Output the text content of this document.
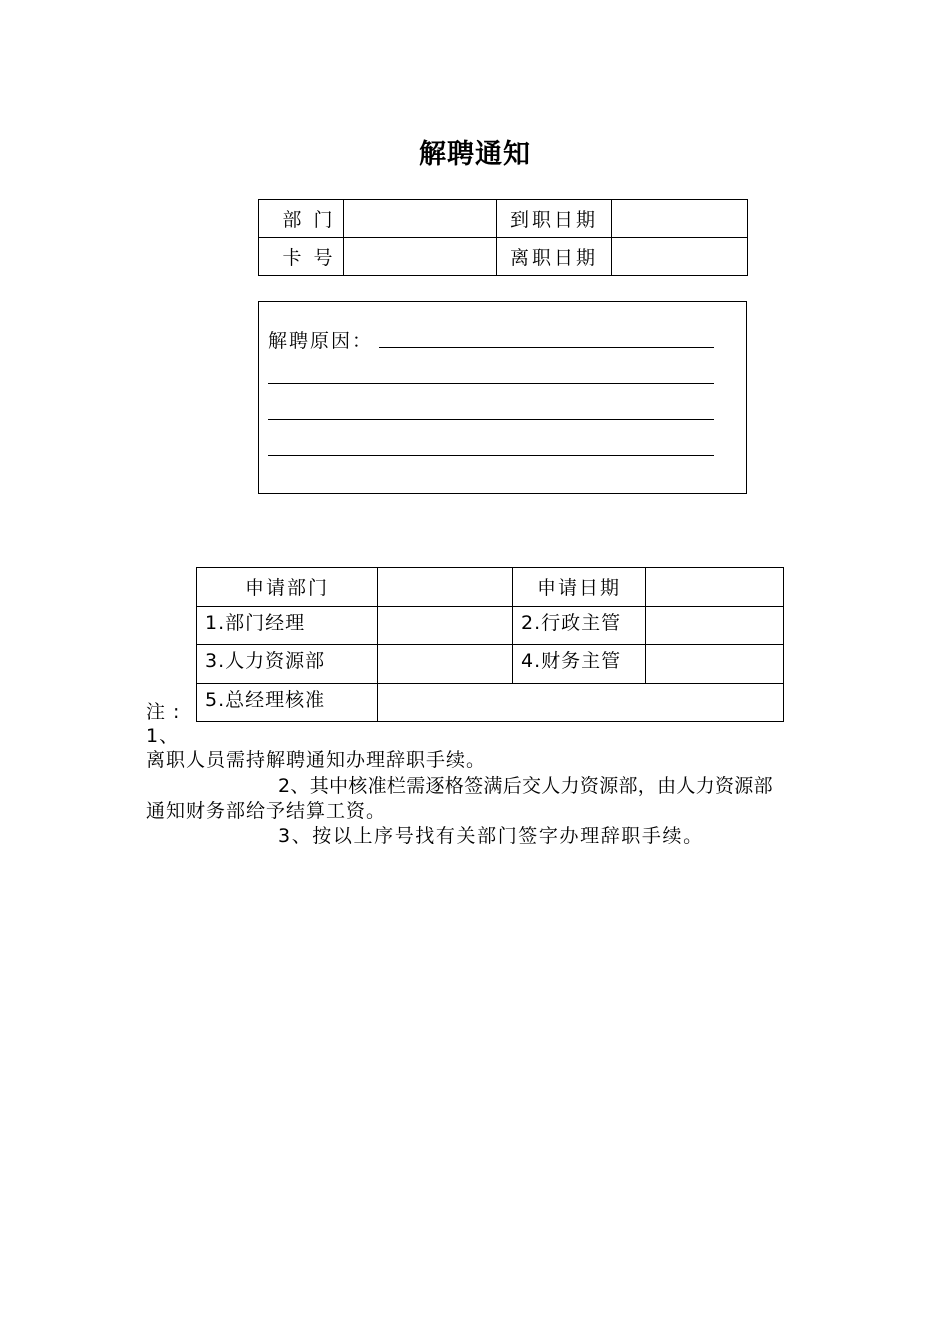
解聘通知
部 门		到职日期	
卡 号		离职日期	
解聘原因：
申请部门		申请日期	
1.部门经理		2.行政主管	
3.人力资源部		4.财务主管	
5.总经理核准			
注 :
1、
离职人员需持解聘通知办理辞职手续。
2、其中核准栏需逐格签满后交人力资源部，由人力资源部
通知财务部给予结算工资。
3、按以上序号找有关部门签字办理辞职手续。
